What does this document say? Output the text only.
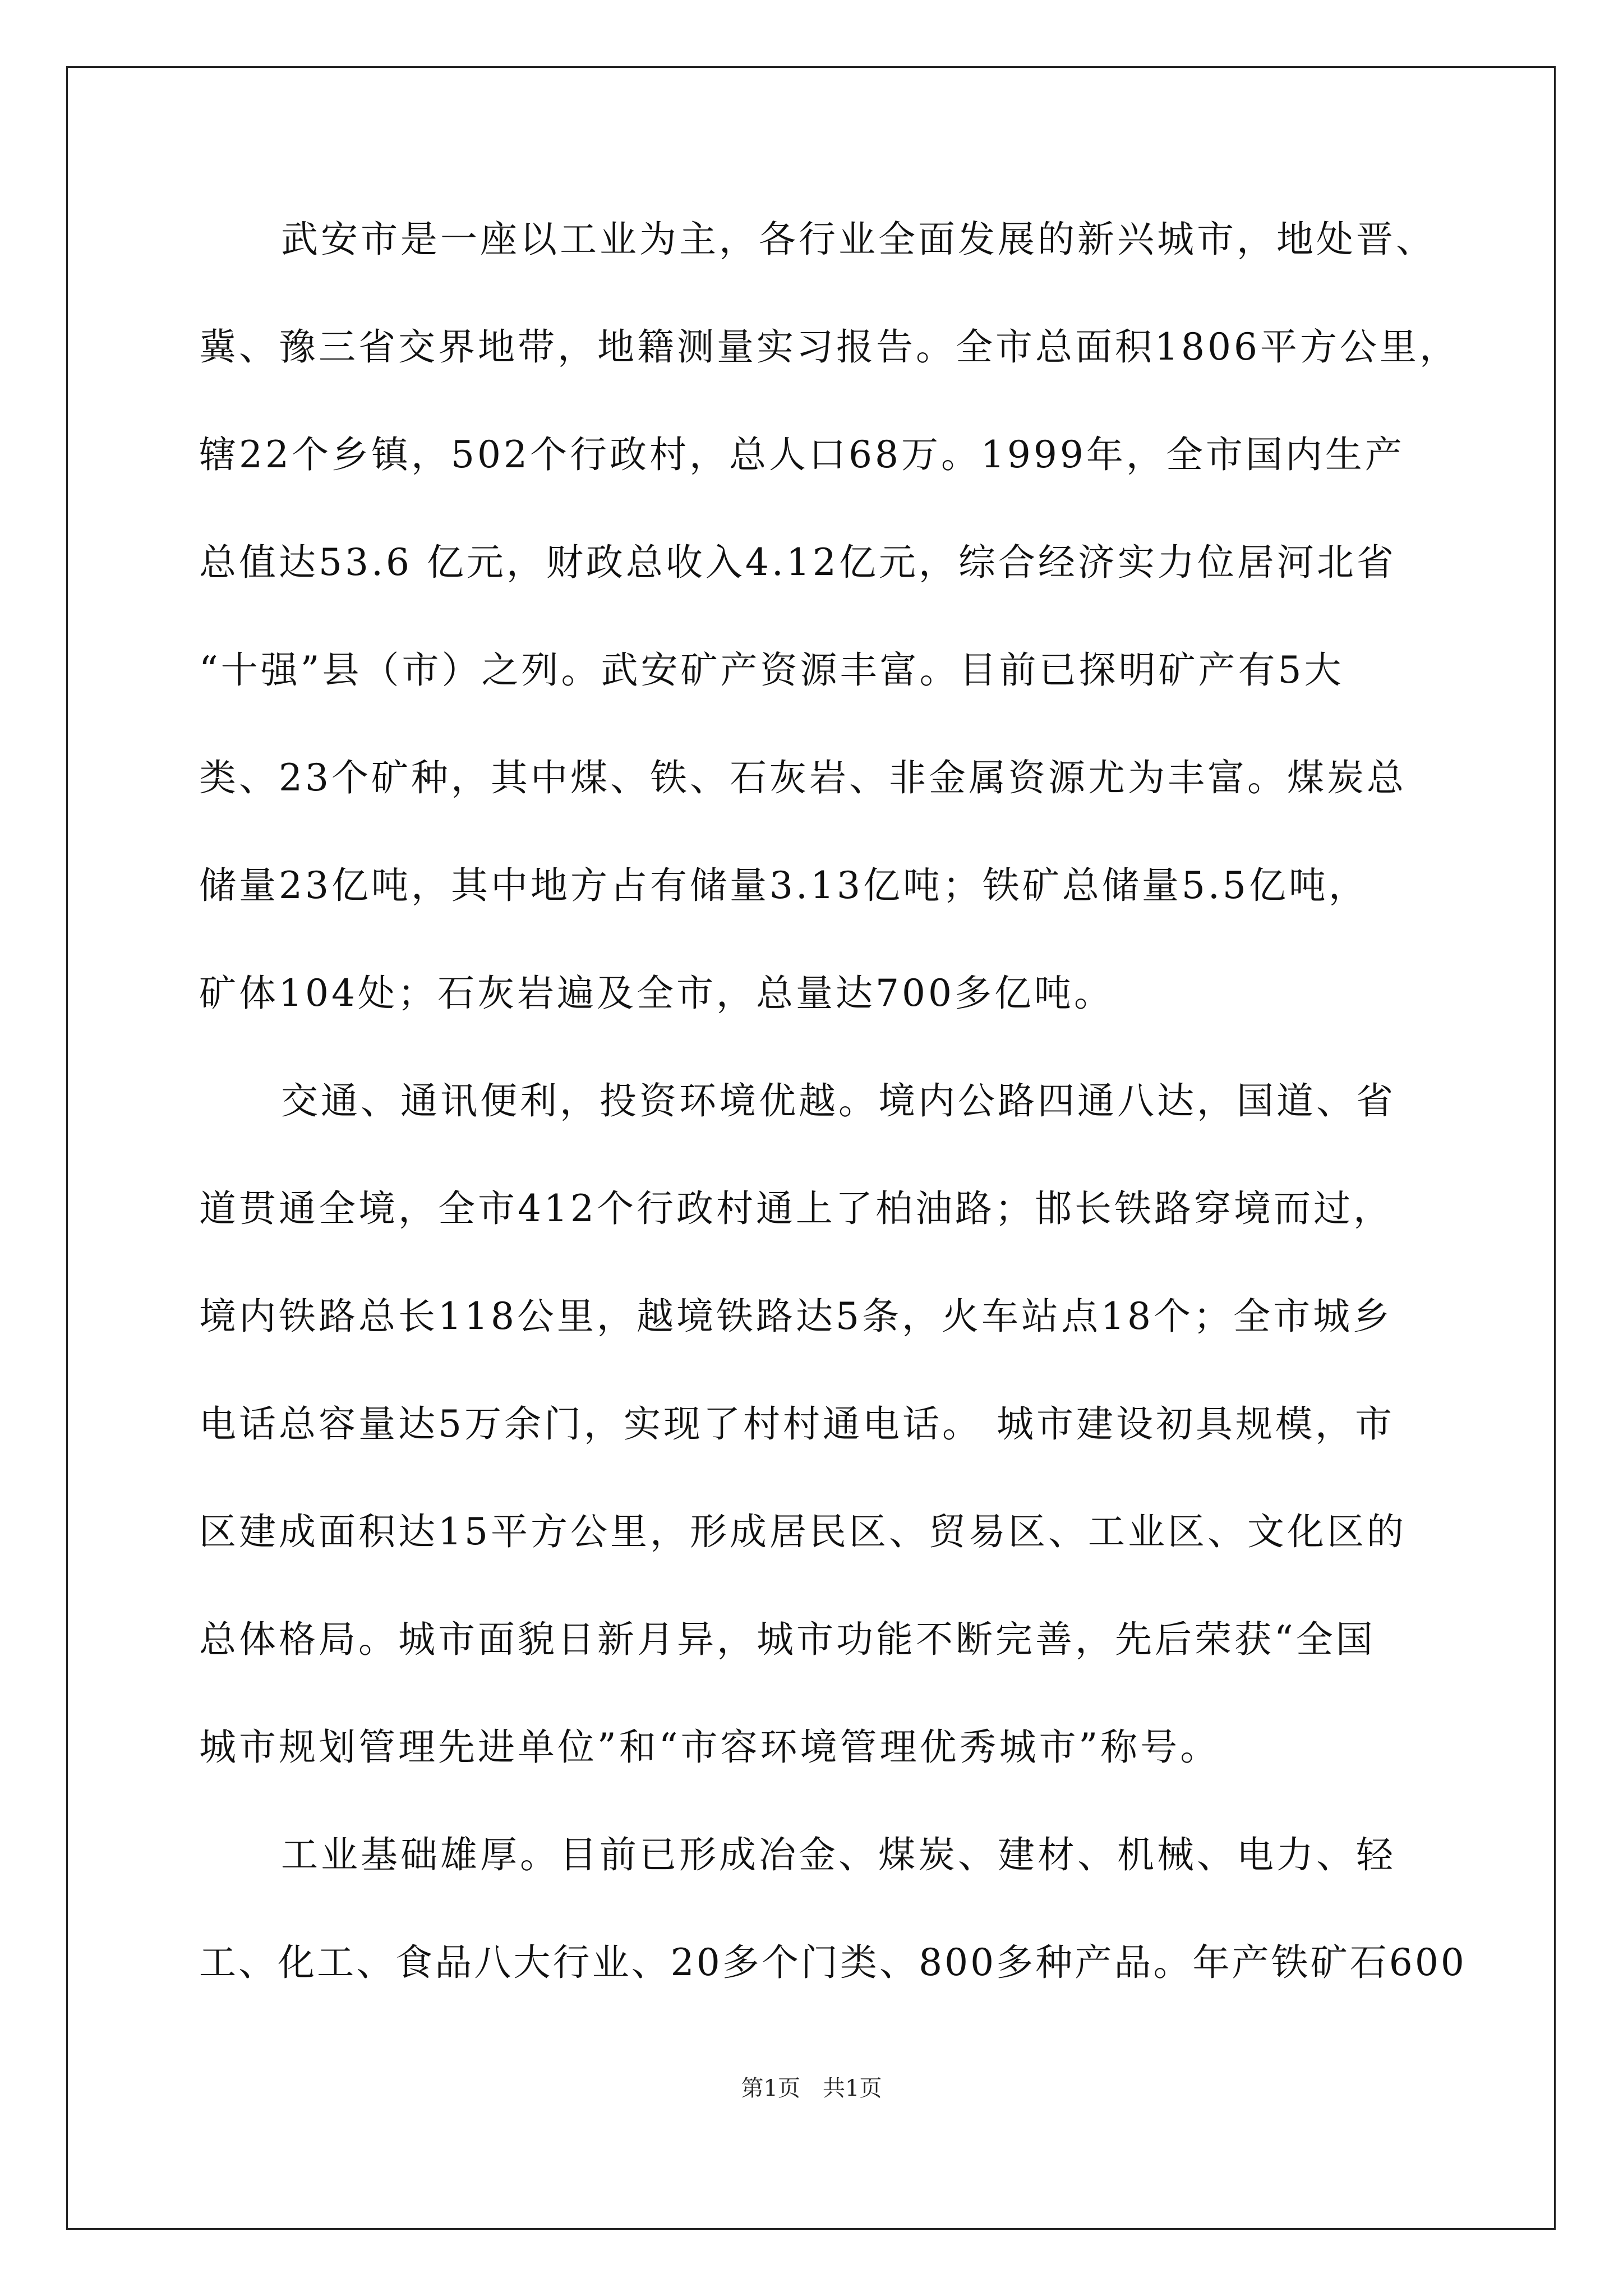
武安市是一座以工业为主，各行业全面发展的新兴城市，地处晋、
冀、豫三省交界地带，地籍测量实习报告。全市总面积1806平方公里，
辖22个乡镇，502个行政村，总人口68万。1999年，全市国内生产
总值达53.6 亿元，财政总收入4.12亿元，综合经济实力位居河北省
“十强”县（市）之列。武安矿产资源丰富。目前已探明矿产有5大
类、23个矿种，其中煤、铁、石灰岩、非金属资源尤为丰富。煤炭总
储量23亿吨，其中地方占有储量3.13亿吨；铁矿总储量5.5亿吨，
矿体104处；石灰岩遍及全市，总量达700多亿吨。
交通、通讯便利，投资环境优越。境内公路四通八达，国道、省
道贯通全境，全市412个行政村通上了柏油路；邯长铁路穿境而过，
境内铁路总长118公里，越境铁路达5条，火车站点18个；全市城乡
电话总容量达5万余门，实现了村村通电话。 城市建设初具规模，市
区建成面积达15平方公里，形成居民区、贸易区、工业区、文化区的
总体格局。城市面貌日新月异，城市功能不断完善，先后荣获“全国
城市规划管理先进单位”和“市容环境管理优秀城市”称号。
工业基础雄厚。目前已形成冶金、煤炭、建材、机械、电力、轻
工、化工、食品八大行业、20多个门类、800多种产品。年产铁矿石600
第1页　共1页
